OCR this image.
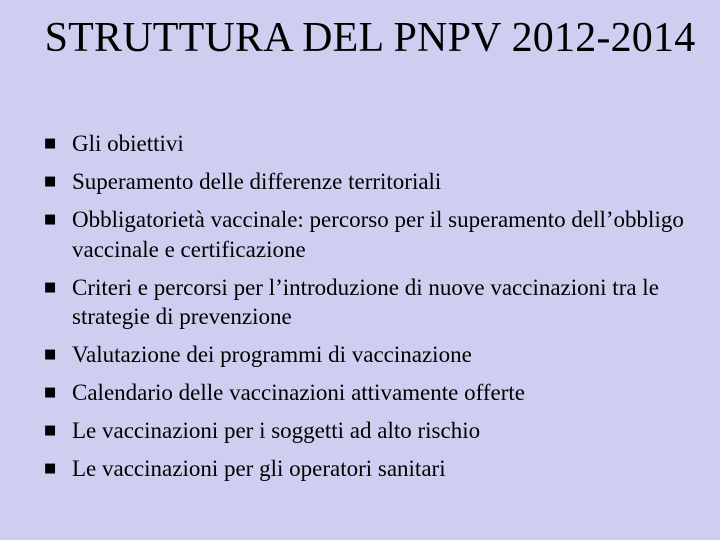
STRUTTURA DEL PNPV 2012-2014
■
Gli obiettivi
■
Superamento delle differenze territoriali
■
Obbligatorietà vaccinale: percorso per il superamento dell’obbligo vaccinale e certificazione
■
Criteri e percorsi per l’introduzione di nuove vaccinazioni tra le strategie di prevenzione
■
Valutazione dei programmi di vaccinazione
■
Calendario delle vaccinazioni attivamente offerte
■
Le vaccinazioni per i soggetti ad alto rischio
■
Le vaccinazioni per gli operatori sanitari
